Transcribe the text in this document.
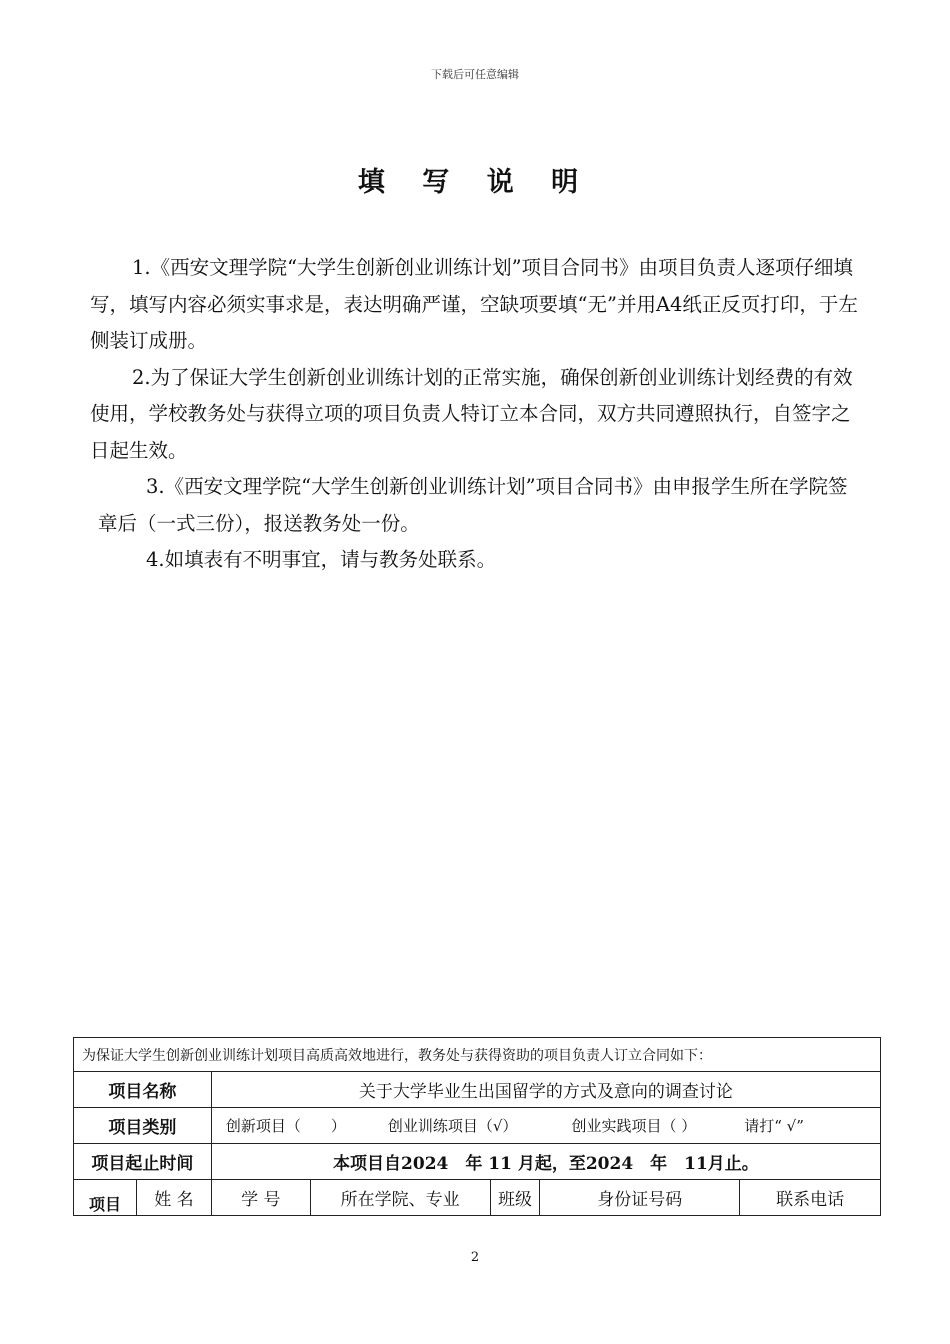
下载后可任意编辑
填 写 说 明

1.《西安文理学院“大学生创新创业训练计划”项目合同书》由项目负责人逐项仔细填写，填写内容必须实事求是，表达明确严谨，空缺项要填“无”并用A4纸正反页打印，于左侧装订成册。

2.为了保证大学生创新创业训练计划的正常实施，确保创新创业训练计划经费的有效使用，学校教务处与获得立项的项目负责人特订立本合同，双方共同遵照执行，自签字之日起生效。

3.《西安文理学院“大学生创新创业训练计划”项目合同书》由申报学生所在学院签章后（一式三份），报送教务处一份。

4.如填表有不明事宜，请与教务处联系。

为保证大学生创新创业训练计划项目高质高效地进行，教务处与获得资助的项目负责人订立合同如下：						
项目名称		关于大学毕业生出国留学的方式及意向的调查讨论				
项目类别		创新项目（　　） 创业训练项目（√） 创业实践项目（ ） 请打“ √”				
项目起止时间		本项目自2024　年 11 月起，至2024　年　11月止。				
项目	姓 名	学 号	所在学院、专业	班级	身份证号码	联系电话
2
